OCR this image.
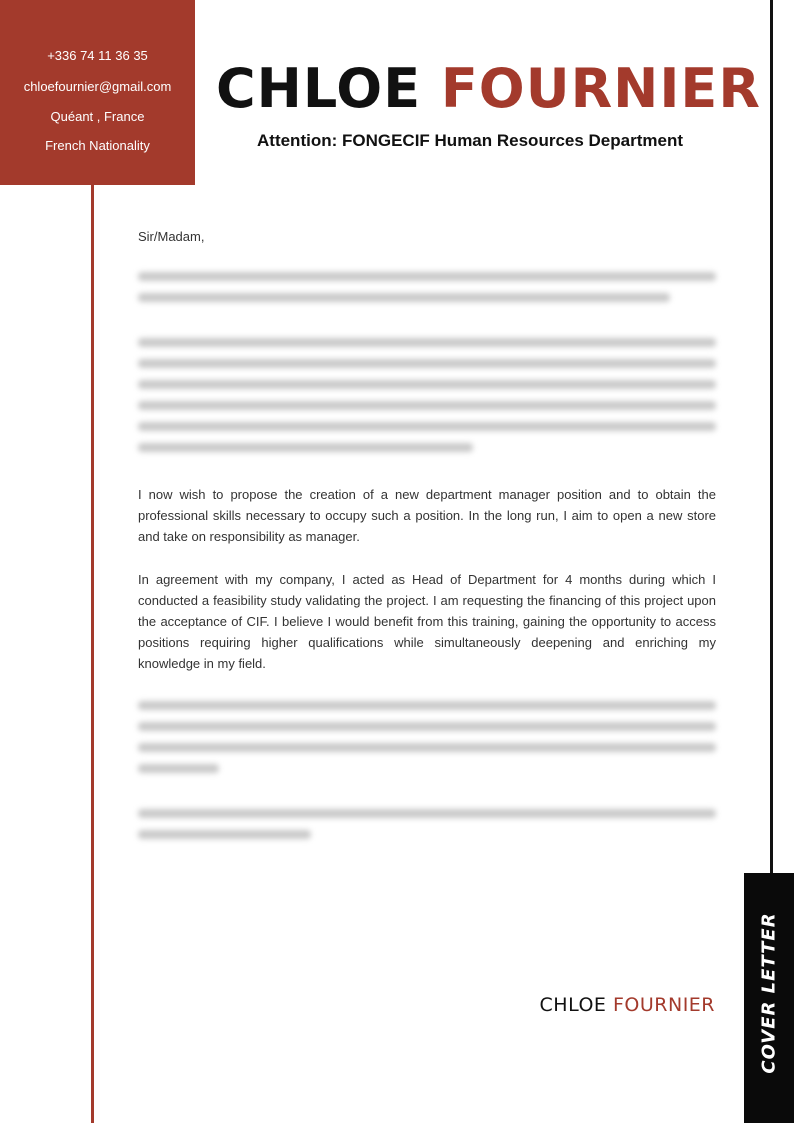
+336 74 11 36 35
chloefournier@gmail.com
Quéant , France
French Nationality
CHLOE FOURNIER
Attention: FONGECIF Human Resources Department
Sir/Madam,
I now wish to propose the creation of a new department manager position and to obtain the professional skills necessary to occupy such a position. In the long run, I aim to open a new store and take on responsibility as manager.
In agreement with my company, I acted as Head of Department for 4 months during which I conducted a feasibility study validating the project. I am requesting the financing of this project upon the acceptance of CIF. I believe I would benefit from this training, gaining the opportunity to access positions requiring higher qualifications while simultaneously deepening and enriching my knowledge in my field.
CHLOE FOURNIER COVER LETTER
